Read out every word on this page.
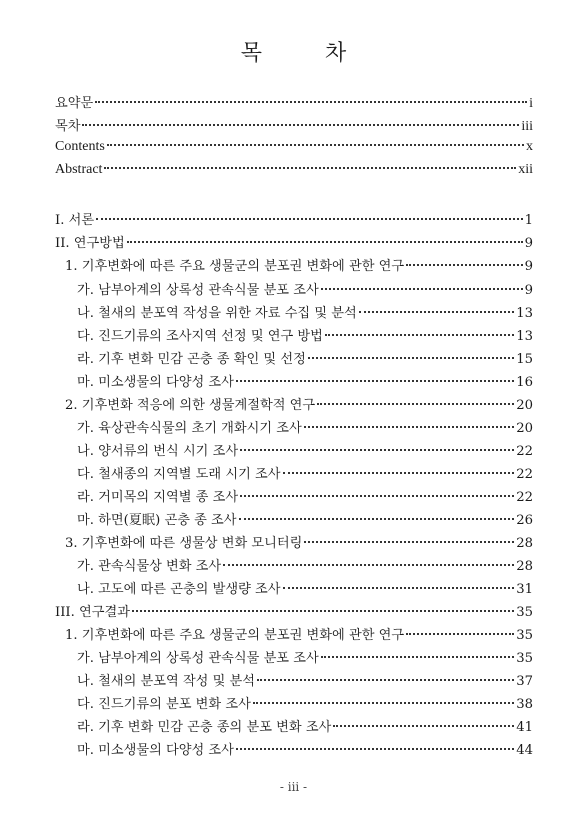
목 차
요약문	i
목차	iii
Contents	x
Abstract	xii
I. 서론	1
II. 연구방법	9
1. 기후변화에 따른 주요 생물군의 분포권 변화에 관한 연구	9
가. 남부아계의 상록성 관속식물 분포 조사	9
나. 철새의 분포역 작성을 위한 자료 수집 및 분석	13
다. 진드기류의 조사지역 선정 및 연구 방법	13
라. 기후 변화 민감 곤충 종 확인 및 선정	15
마. 미소생물의 다양성 조사	16
2. 기후변화 적응에 의한 생물계절학적 연구	20
가. 육상관속식물의 초기 개화시기 조사	20
나. 양서류의 번식 시기 조사	22
다. 철새종의 지역별 도래 시기 조사	22
라. 거미목의 지역별 종 조사	22
마. 하면(夏眠) 곤충 종 조사	26
3. 기후변화에 따른 생물상 변화 모니터링	28
가. 관속식물상 변화 조사	28
나. 고도에 따른 곤충의 발생량 조사	31
III. 연구결과	35
1. 기후변화에 따른 주요 생물군의 분포권 변화에 관한 연구	35
가. 남부아계의 상록성 관속식물 분포 조사	35
나. 철새의 분포역 작성 및 분석	37
다. 진드기류의 분포 변화 조사	38
라. 기후 변화 민감 곤충 종의 분포 변화 조사	41
마. 미소생물의 다양성 조사	44
- iii -
